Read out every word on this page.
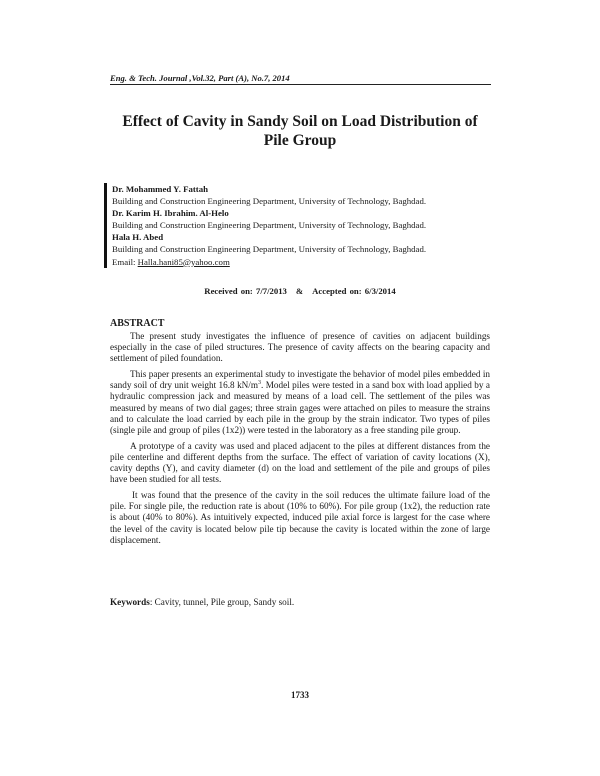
Eng. & Tech. Journal ,Vol.32, Part (A), No.7, 2014
Effect of Cavity in Sandy Soil on Load Distribution of
Pile Group
Dr. Mohammed Y. Fattah
Building and Construction Engineering Department, University of Technology, Baghdad.
Dr. Karim H. Ibrahim. Al-Helo
Building and Construction Engineering Department, University of Technology, Baghdad.
Hala H. Abed
Building and Construction Engineering Department, University of Technology, Baghdad.
Email: Halla.hani85@yahoo.com
Received on: 7/7/2013 & Accepted on: 6/3/2014
ABSTRACT

The present study investigates the influence of presence of cavities on adjacent buildings especially in the case of piled structures. The presence of cavity affects on the bearing capacity and settlement of piled foundation.

This paper presents an experimental study to investigate the behavior of model piles embedded in sandy soil of dry unit weight 16.8 $kN/m^3$. Model piles were tested in a sand box with load applied by a hydraulic compression jack and measured by means of a load cell. The settlement of the piles was measured by means of two dial gages; three strain gages were attached on piles to measure the strains and to calculate the load carried by each pile in the group by the strain indicator. Two types of piles (single pile and group of piles (1x2)) were tested in the laboratory as a free standing pile group.

A prototype of a cavity was used and placed adjacent to the piles at different distances from the pile centerline and different depths from the surface. The effect of variation of cavity locations (X), cavity depths (Y), and cavity diameter (d) on the load and settlement of the pile and groups of piles have been studied for all tests.

It was found that the presence of the cavity in the soil reduces the ultimate failure load of the pile. For single pile, the reduction rate is about (10% to 60%). For pile group (1x2), the reduction rate is about (40% to 80%). As intuitively expected, induced pile axial force is largest for the case where the level of the cavity is located below pile tip because the cavity is located within the zone of large displacement.

Keywords: Cavity, tunnel, Pile group, Sandy soil.
1733
